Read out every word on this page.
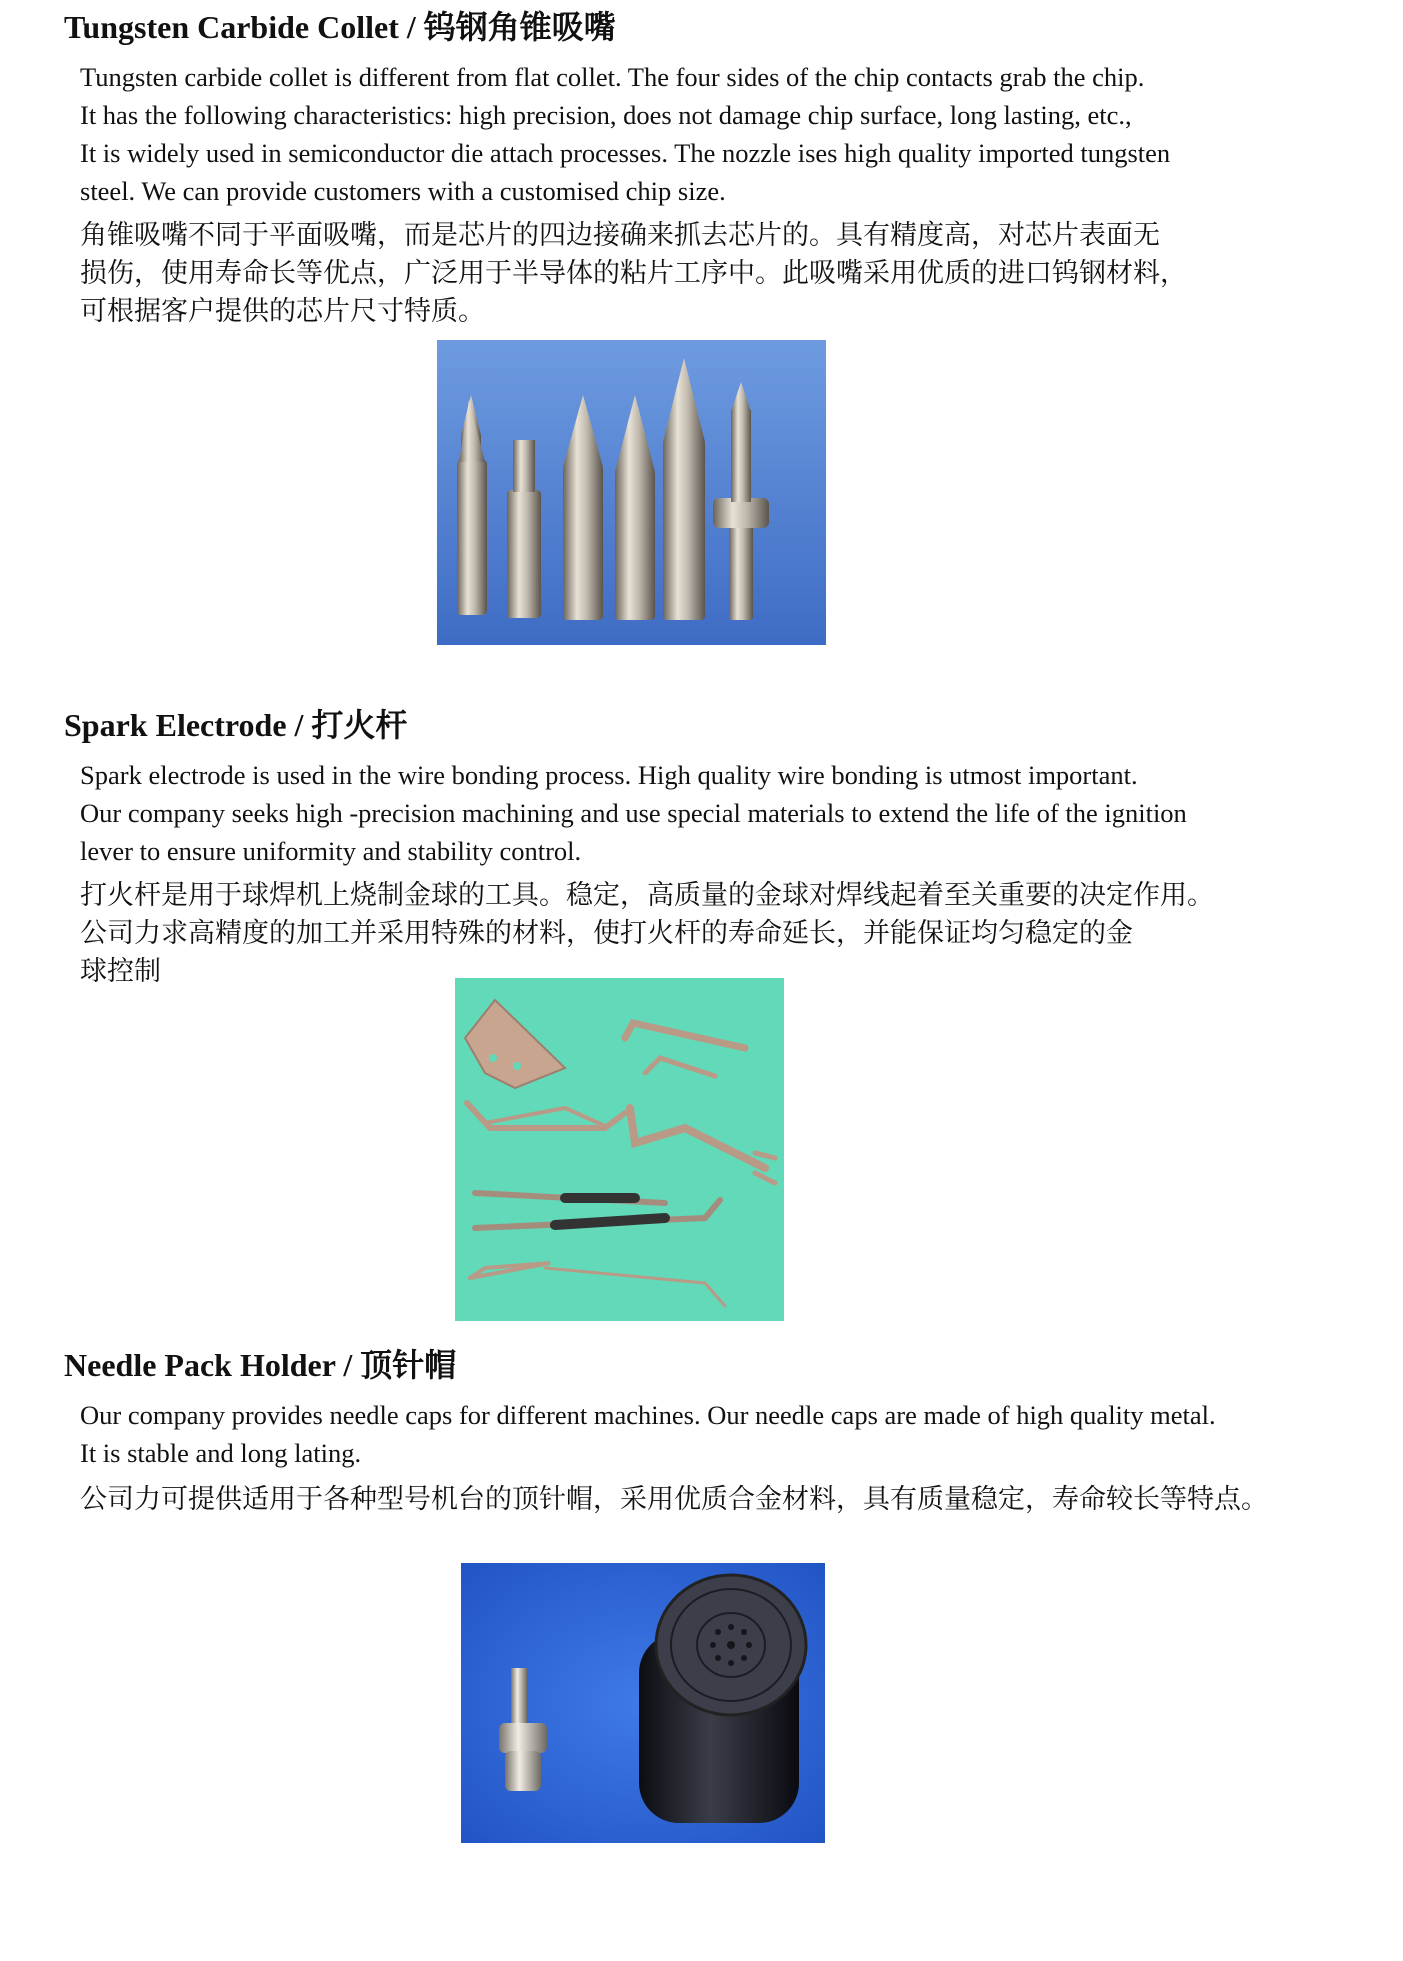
Tungsten Carbide Collet / 钨钢角锥吸嘴

Tungsten carbide collet is different from flat collet. The four sides of the chip contacts grab the chip.
It has the following characteristics: high precision, does not damage chip surface, long lasting, etc.,
It is widely used in semiconductor die attach processes. The nozzle ises high quality imported tungsten
steel. We can provide customers with a customised chip size.

角锥吸嘴不同于平面吸嘴，而是芯片的四边接确来抓去芯片的。具有精度高，对芯片表面无
损伤，使用寿命长等优点，广泛用于半导体的粘片工序中。此吸嘴采用优质的进口钨钢材料，
可根据客户提供的芯片尺寸特质。

Spark Electrode / 打火杆

Spark electrode is used in the wire bonding process. High quality wire bonding is utmost important.
Our company seeks high -precision machining and use special materials to extend the life of the ignition
lever to ensure uniformity and stability control.

打火杆是用于球焊机上烧制金球的工具。稳定，高质量的金球对焊线起着至关重要的决定作用。
公司力求高精度的加工并采用特殊的材料，使打火杆的寿命延长，并能保证均匀稳定的金
球控制

Needle Pack Holder / 顶针帽

Our company provides needle caps for different machines. Our needle caps are made of high quality metal.
It is stable and long lating.

公司力可提供适用于各种型号机台的顶针帽，采用优质合金材料，具有质量稳定，寿命较长等特点。
